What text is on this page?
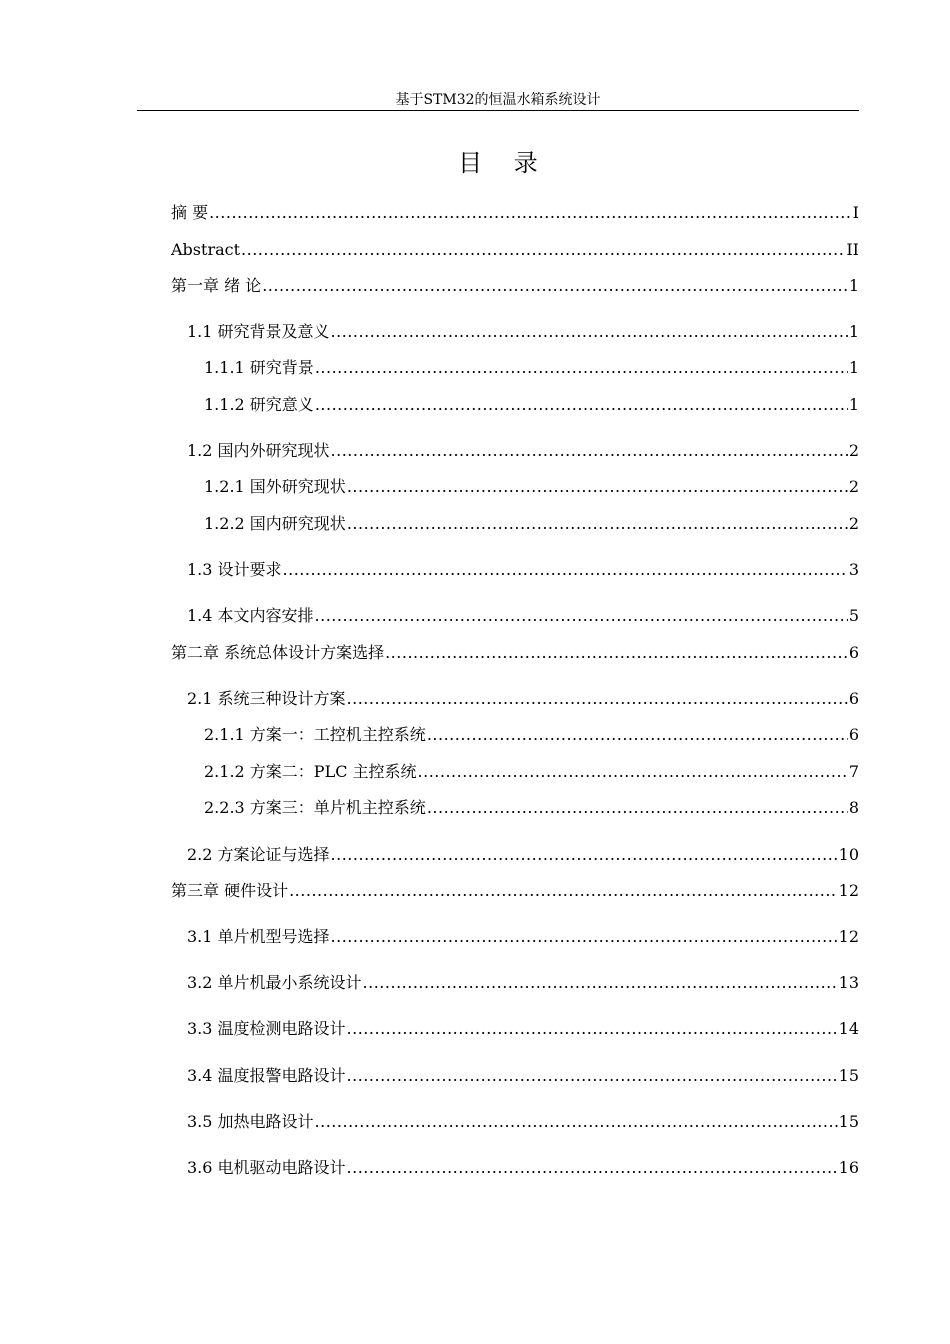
基于STM32的恒温水箱系统设计
目 录
摘 要 .....	I
Abstract .....	II
第一章 绪 论 .....	1
1.1 研究背景及意义 .....	1
1.1.1 研究背景 .....	1
1.1.2 研究意义 .....	1
1.2 国内外研究现状 .....	2
1.2.1 国外研究现状 .....	2
1.2.2 国内研究现状 .....	2
1.3 设计要求 .....	3
1.4 本文内容安排 .....	5
第二章 系统总体设计方案选择 .....	6
2.1 系统三种设计方案 .....	6
2.1.1 方案一：工控机主控系统 .....	6
2.1.2 方案二：PLC 主控系统 .....	7
2.2.3 方案三：单片机主控系统 .....	8
2.2 方案论证与选择 .....	10
第三章 硬件设计 .....	12
3.1 单片机型号选择 .....	12
3.2 单片机最小系统设计 .....	13
3.3 温度检测电路设计 .....	14
3.4 温度报警电路设计 .....	15
3.5 加热电路设计 .....	15
3.6 电机驱动电路设计 .....	16
